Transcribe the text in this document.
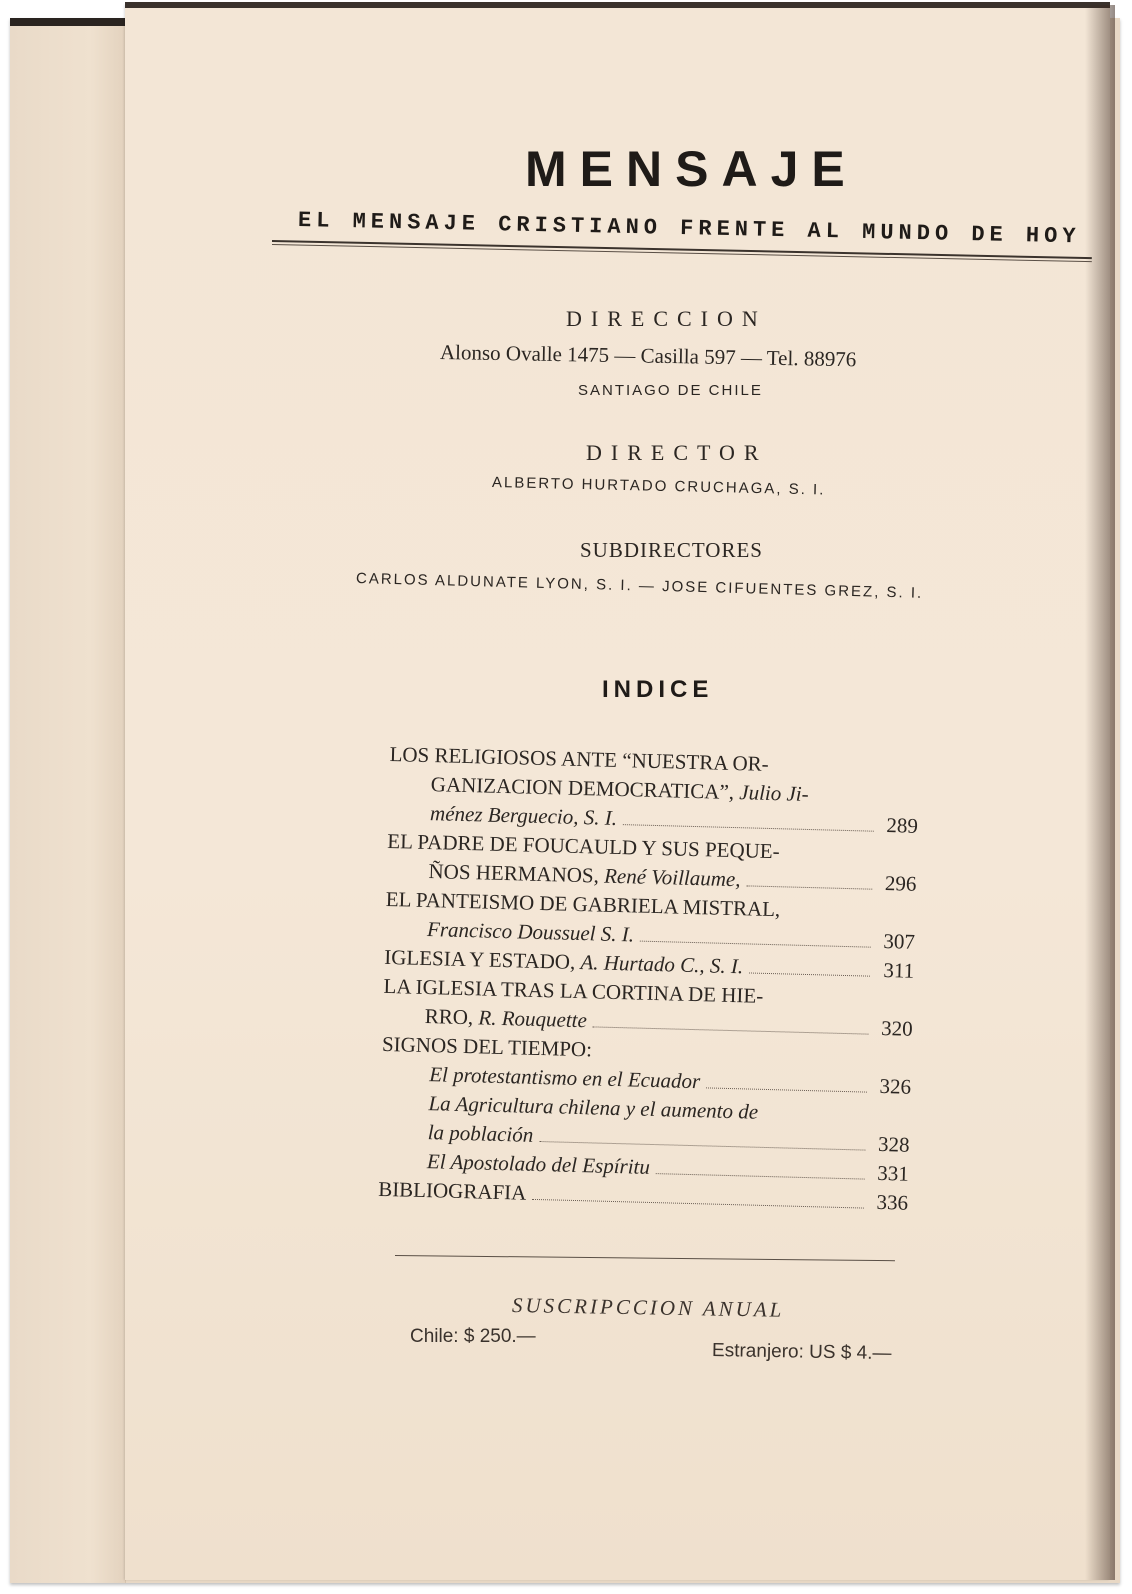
MENSAJE
EL MENSAJE CRISTIANO FRENTE AL MUNDO DE HOY
DIRECCION
Alonso Ovalle 1475 — Casilla 597 — Tel. 88976
SANTIAGO DE CHILE
DIRECTOR
ALBERTO HURTADO CRUCHAGA, S. I.
SUBDIRECTORES
CARLOS ALDUNATE LYON, S. I. — JOSE CIFUENTES GREZ, S. I.
INDICE
LOS RELIGIOSOS ANTE “NUESTRA OR-
GANIZACION DEMOCRATICA”, Julio Ji-
ménez Berguecio, S. I.	289
EL PADRE DE FOUCAULD Y SUS PEQUE-
ÑOS HERMANOS, René Voillaume,	296
EL PANTEISMO DE GABRIELA MISTRAL,
Francisco Doussuel S. I.	307
IGLESIA Y ESTADO, A. Hurtado C., S. I.	311
LA IGLESIA TRAS LA CORTINA DE HIE-
RRO, R. Rouquette	320
SIGNOS DEL TIEMPO:
El protestantismo en el Ecuador	326
La Agricultura chilena y el aumento de
la población	328
El Apostolado del Espíritu	331
BIBLIOGRAFIA	336
SUSCRIPCCION ANUAL
Chile: $ 250.—
Estranjero: US $ 4.—
